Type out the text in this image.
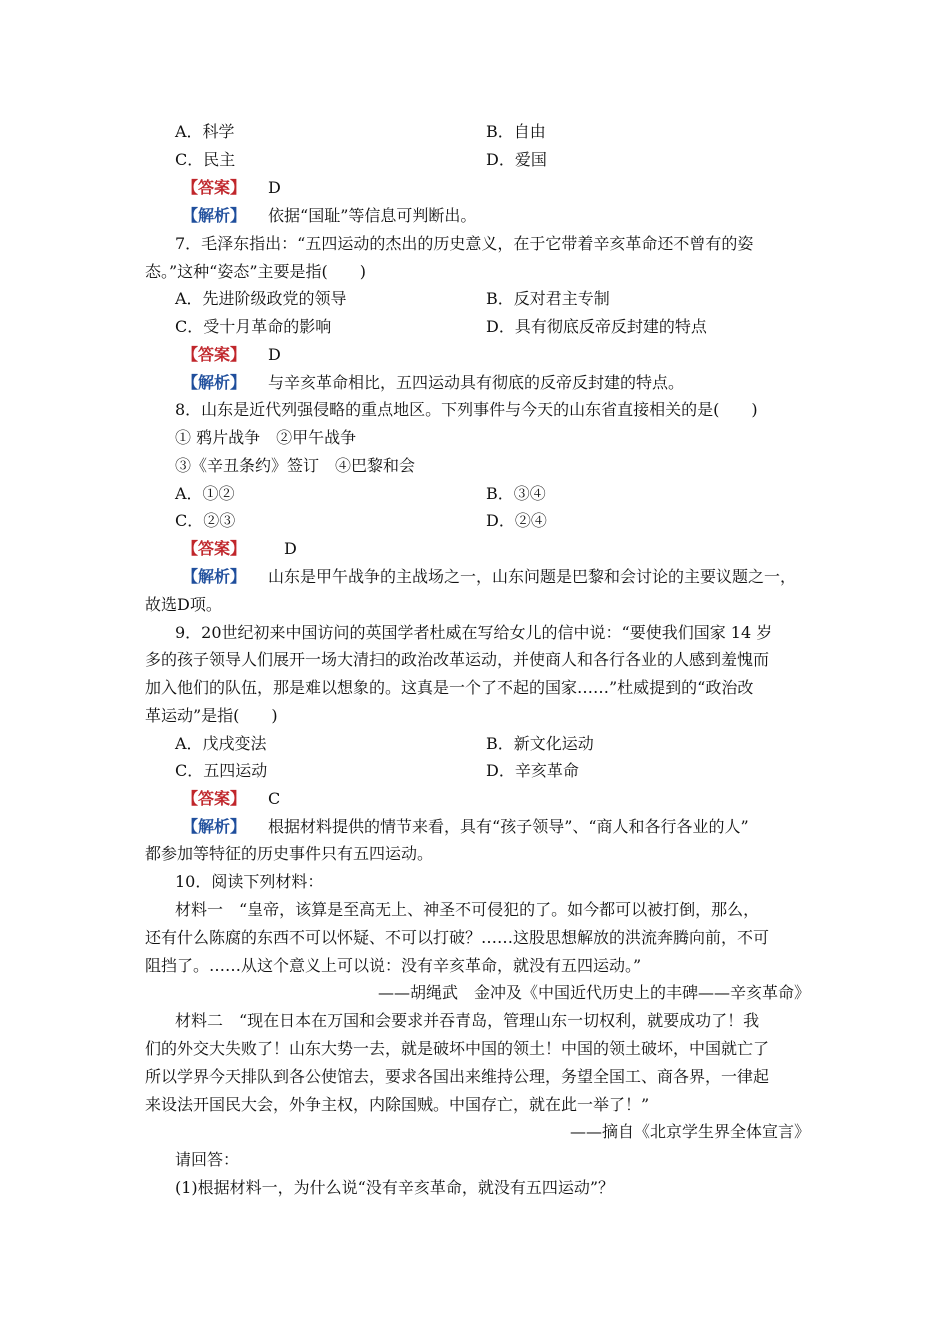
A．科学	B．自由
C．民主	D．爱国
【答案】 D
【解析】 依据“国耻”等信息可判断出。
7．毛泽东指出：“五四运动的杰出的历史意义，在于它带着辛亥革命还不曾有的姿
态。”这种“姿态”主要是指(　　)
A．先进阶级政党的领导	B．反对君主专制
C．受十月革命的影响	D．具有彻底反帝反封建的特点
【答案】 D
【解析】 与辛亥革命相比，五四运动具有彻底的反帝反封建的特点。
8．山东是近代列强侵略的重点地区。下列事件与今天的山东省直接相关的是(　　)
① 鸦片战争　②甲午战争
③《辛丑条约》签订　④巴黎和会
A．①②	B．③④
C．②③	D．②④
【答案】 D
【解析】 山东是甲午战争的主战场之一，山东问题是巴黎和会讨论的主要议题之一，
故选D项。
9．20世纪初来中国访问的英国学者杜威在写给女儿的信中说：“要使我们国家 14 岁
多的孩子领导人们展开一场大清扫的政治改革运动，并使商人和各行各业的人感到羞愧而
加入他们的队伍，那是难以想象的。这真是一个了不起的国家……”杜威提到的“政治改
革运动”是指(　　)
A．戊戌变法	B．新文化运动
C．五四运动	D．辛亥革命
【答案】 C
【解析】 根据材料提供的情节来看，具有“孩子领导”、“商人和各行各业的人”
都参加等特征的历史事件只有五四运动。
10．阅读下列材料：
材料一　“皇帝，该算是至高无上、神圣不可侵犯的了。如今都可以被打倒，那么，
还有什么陈腐的东西不可以怀疑、不可以打破？……这股思想解放的洪流奔腾向前，不可
阻挡了。……从这个意义上可以说：没有辛亥革命，就没有五四运动。”
——胡绳武　金冲及《中国近代历史上的丰碑——辛亥革命》
材料二　“现在日本在万国和会要求并吞青岛，管理山东一切权利，就要成功了！我
们的外交大失败了！山东大势一去，就是破坏中国的领土！中国的领土破坏，中国就亡了
所以学界今天排队到各公使馆去，要求各国出来维持公理，务望全国工、商各界，一律起
来设法开国民大会，外争主权，内除国贼。中国存亡，就在此一举了！”
——摘自《北京学生界全体宣言》
请回答：
(1)根据材料一，为什么说“没有辛亥革命，就没有五四运动”？
